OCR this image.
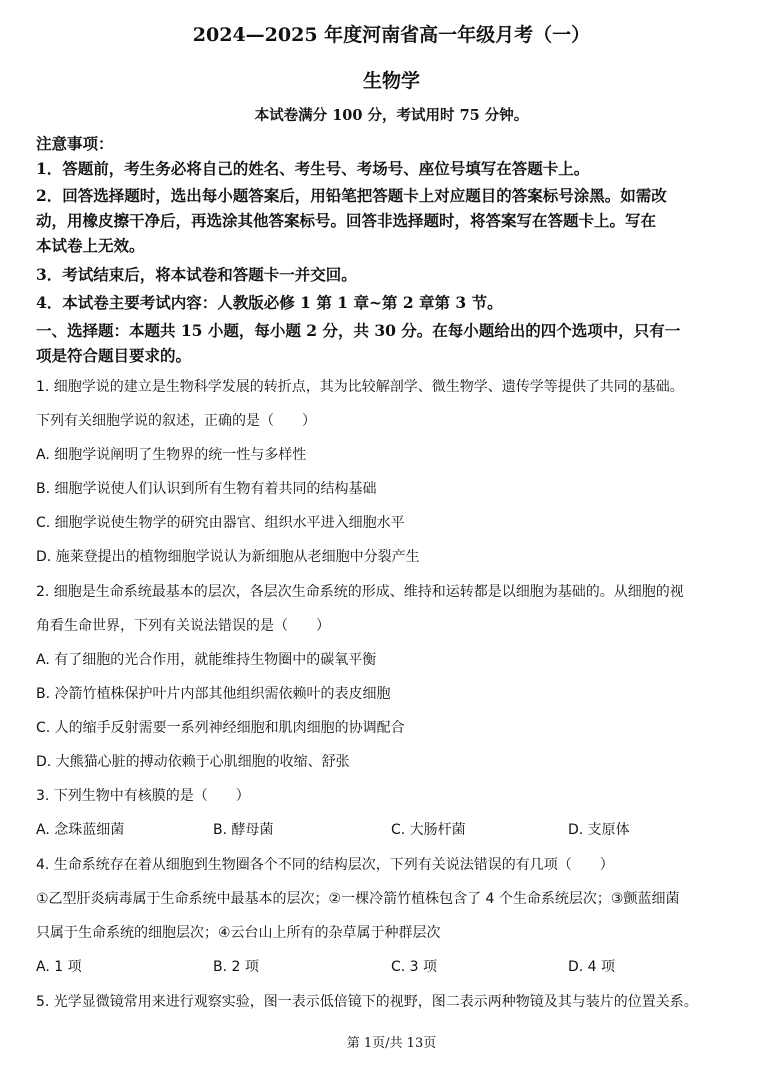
2024—2025 年度河南省高一年级月考（一）
生物学
本试卷满分 100 分，考试用时 75 分钟。
注意事项：
1．答题前，考生务必将自己的姓名、考生号、考场号、座位号填写在答题卡上。
2．回答选择题时，选出每小题答案后，用铅笔把答题卡上对应题目的答案标号涂黑。如需改
动，用橡皮擦干净后，再选涂其他答案标号。回答非选择题时，将答案写在答题卡上。写在
本试卷上无效。
3．考试结束后，将本试卷和答题卡一并交回。
4．本试卷主要考试内容：人教版必修 1 第 1 章~第 2 章第 3 节。
一、选择题：本题共 15 小题，每小题 2 分，共 30 分。在每小题给出的四个选项中，只有一
项是符合题目要求的。
1. 细胞学说的建立是生物科学发展的转折点，其为比较解剖学、微生物学、遗传学等提供了共同的基础。
下列有关细胞学说的叙述，正确的是（　　）
A. 细胞学说阐明了生物界的统一性与多样性
B. 细胞学说使人们认识到所有生物有着共同的结构基础
C. 细胞学说使生物学的研究由器官、组织水平进入细胞水平
D. 施莱登提出的植物细胞学说认为新细胞从老细胞中分裂产生
2. 细胞是生命系统最基本的层次，各层次生命系统的形成、维持和运转都是以细胞为基础的。从细胞的视
角看生命世界，下列有关说法错误的是（　　）
A. 有了细胞的光合作用，就能维持生物圈中的碳氧平衡
B. 冷箭竹植株保护叶片内部其他组织需依赖叶的表皮细胞
C. 人的缩手反射需要一系列神经细胞和肌肉细胞的协调配合
D. 大熊猫心脏的搏动依赖于心肌细胞的收缩、舒张
3. 下列生物中有核膜的是（　　）
A. 念珠蓝细菌	B. 酵母菌	C. 大肠杆菌	D. 支原体
4. 生命系统存在着从细胞到生物圈各个不同的结构层次，下列有关说法错误的有几项（　　）
①乙型肝炎病毒属于生命系统中最基本的层次；②一棵冷箭竹植株包含了 4 个生命系统层次；③颤蓝细菌
只属于生命系统的细胞层次；④云台山上所有的杂草属于种群层次
A. 1 项	B. 2 项	C. 3 项	D. 4 项
5. 光学显微镜常用来进行观察实验，图一表示低倍镜下的视野，图二表示两种物镜及其与装片的位置关系。
第 1页/共 13页
